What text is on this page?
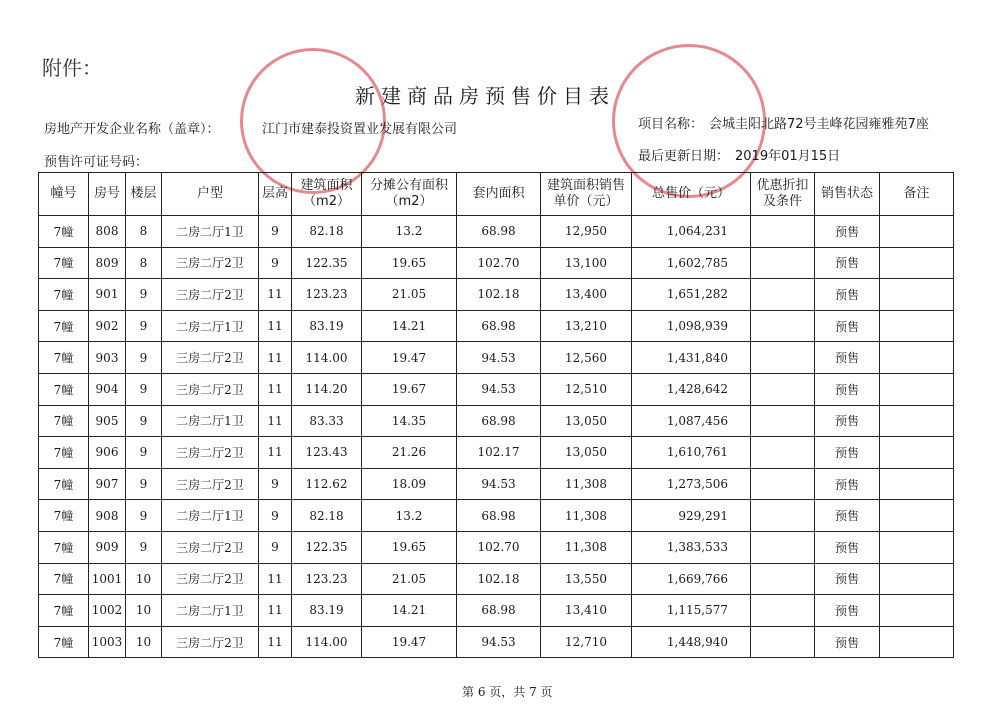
附件：
新建商品房预售价目表
房地产开发企业名称（盖章）：	江门市建泰投资置业发展有限公司	项目名称： 会城圭阳北路72号圭峰花园雍雅苑7座
预售许可证号码：	最后更新日期： 2019年01月15日
幢号	房号	楼层	户型	层高	建筑面积（m2）	分摊公有面积（m2）	套内面积	建筑面积销售单价（元）	总售价（元）	优惠折扣及条件	销售状态	备注
7幢	808	8	二房二厅1卫	9	82.18	13.2	68.98	12,950	1,064,231		预售	
7幢	809	8	三房二厅2卫	9	122.35	19.65	102.70	13,100	1,602,785		预售	
7幢	901	9	三房二厅2卫	11	123.23	21.05	102.18	13,400	1,651,282		预售	
7幢	902	9	二房二厅1卫	11	83.19	14.21	68.98	13,210	1,098,939		预售	
7幢	903	9	三房二厅2卫	11	114.00	19.47	94.53	12,560	1,431,840		预售	
7幢	904	9	三房二厅2卫	11	114.20	19.67	94.53	12,510	1,428,642		预售	
7幢	905	9	二房二厅1卫	11	83.33	14.35	68.98	13,050	1,087,456		预售	
7幢	906	9	三房二厅2卫	11	123.43	21.26	102.17	13,050	1,610,761		预售	
7幢	907	9	三房二厅2卫	9	112.62	18.09	94.53	11,308	1,273,506		预售	
7幢	908	9	二房二厅1卫	9	82.18	13.2	68.98	11,308	929,291		预售	
7幢	909	9	三房二厅2卫	9	122.35	19.65	102.70	11,308	1,383,533		预售	
7幢	1001	10	三房二厅2卫	11	123.23	21.05	102.18	13,550	1,669,766		预售	
7幢	1002	10	二房二厅1卫	11	83.19	14.21	68.98	13,410	1,115,577		预售	
7幢	1003	10	三房二厅2卫	11	114.00	19.47	94.53	12,710	1,448,940		预售	
第 6 页，共 7 页
